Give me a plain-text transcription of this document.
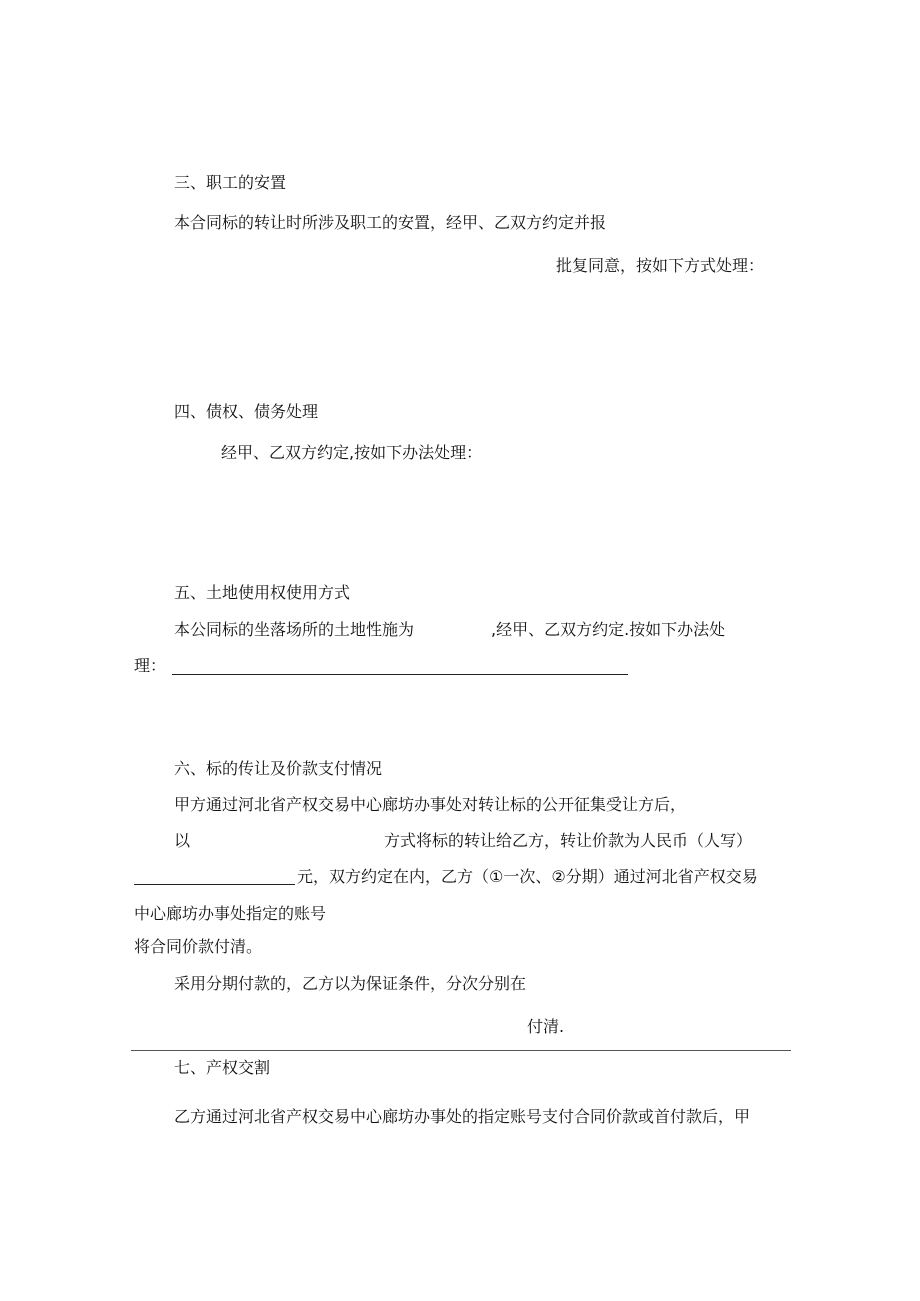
三、职工的安置

本合同标的转让时所涉及职工的安置，经甲、乙双方约定并报

批复同意，按如下方式处理：

四、债权、债务处理

经甲、乙双方约定,按如下办法处理：

五、土地使用权使用方式

本公同标的坐落场所的土地性施为	,经甲、乙双方约定.按如下办法处

理：

六、标的传让及价款支付情况

甲方通过河北省产权交易中心廊坊办事处对转让标的公开征集受让方后，

以	方式将标的转让给乙方，转让价款为人民币（人写）

元，双方约定在内，乙方（①一次、②分期）通过河北省产权交易

中心廊坊办事处指定的账号

将合同价款付清。

采用分期付款的，乙方以为保证条件，分次分别在

付清.

七、产权交割

乙方通过河北省产权交易中心廊坊办事处的指定账号支付合同价款或首付款后，甲
